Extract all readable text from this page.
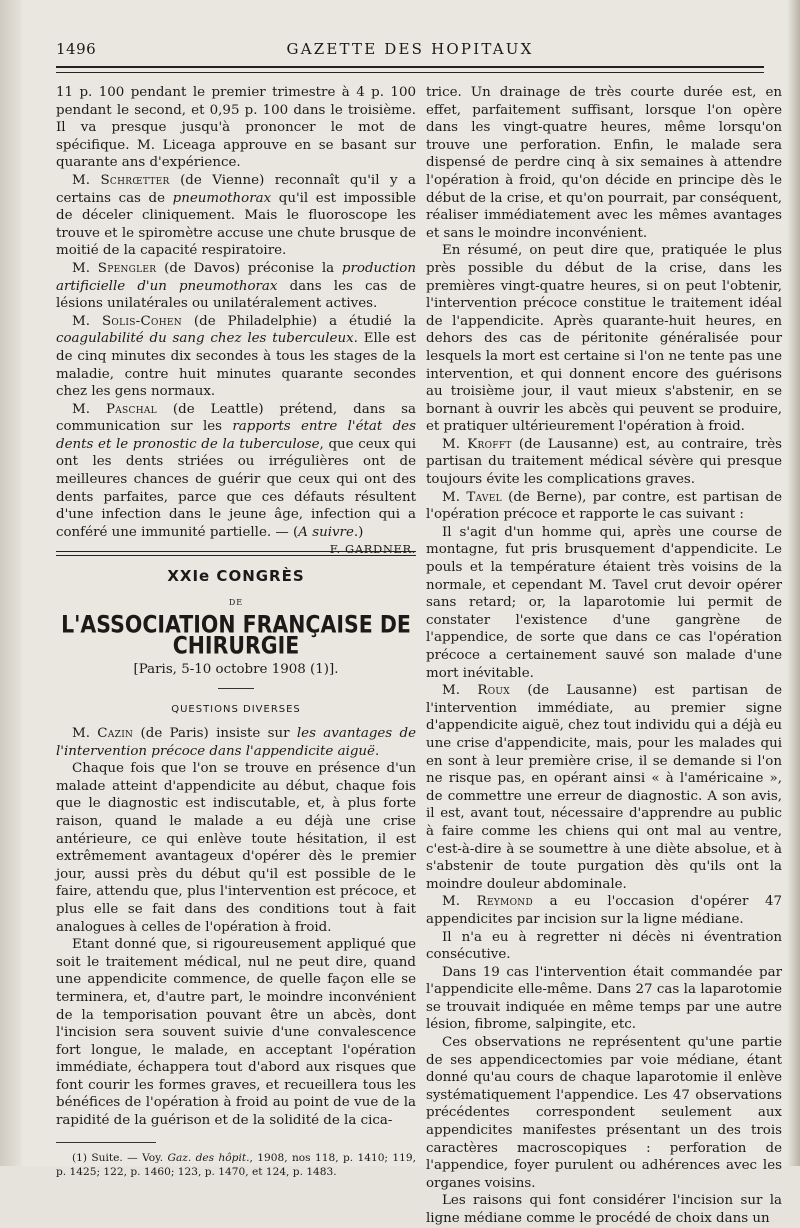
GAZETTE DES HOPITAUX
1496

11 p. 100 pendant le premier trimestre à 4 p. 100 pendant le second, et 0,95 p. 100 dans le troisième. Il va presque jusqu'à prononcer le mot de spécifique. M. Liceaga approuve en se basant sur quarante ans d'expérience.

M. Schrœtter (de Vienne) reconnaît qu'il y a certains cas de pneumothorax qu'il est impossible de déceler cliniquement. Mais le fluoroscope les trouve et le spiromètre accuse une chute brusque de moitié de la capacité respiratoire.

M. Spengler (de Davos) préconise la production artificielle d'un pneumothorax dans les cas de lésions unilatérales ou unilatéralement actives.

M. Solis-Cohen (de Philadelphie) a étudié la coagulabilité du sang chez les tuberculeux. Elle est de cinq minutes dix secondes à tous les stages de la maladie, contre huit minutes quarante secondes chez les gens normaux.

M. Paschal (de Leattle) prétend, dans sa communication sur les rapports entre l'état des dents et le pronostic de la tuberculose, que ceux qui ont les dents striées ou irrégulières ont de meilleures chances de guérir que ceux qui ont des dents parfaites, parce que ces défauts résultent d'une infection dans le jeune âge, infection qui a conféré une immunité partielle. — (A suivre.)
F. GARDNER.

XXIe CONGRÈS
DE
L'ASSOCIATION FRANÇAISE DE CHIRURGIE
[Paris, 5-10 octobre 1908 (1)].
QUESTIONS DIVERSES

M. Cazin (de Paris) insiste sur les avantages de l'intervention précoce dans l'appendicite aiguë.

Chaque fois que l'on se trouve en présence d'un malade atteint d'appendicite au début, chaque fois que le diagnostic est indiscutable, et, à plus forte raison, quand le malade a eu déjà une crise antérieure, ce qui enlève toute hésitation, il est extrêmement avantageux d'opérer dès le premier jour, aussi près du début qu'il est possible de le faire, attendu que, plus l'intervention est précoce, et plus elle se fait dans des conditions tout à fait analogues à celles de l'opération à froid.

Etant donné que, si rigoureusement appliqué que soit le traitement médical, nul ne peut dire, quand une appendicite commence, de quelle façon elle se terminera, et, d'autre part, le moindre inconvénient de la temporisation pouvant être un abcès, dont l'incision sera souvent suivie d'une convalescence fort longue, le malade, en acceptant l'opération immédiate, échappera tout d'abord aux risques que font courir les formes graves, et recueillera tous les bénéfices de l'opération à froid au point de vue de la rapidité de la guérison et de la solidité de la cica-

(1) Suite. — Voy. Gaz. des hôpit., 1908, nos 118, p. 1410; 119, p. 1425; 122, p. 1460; 123, p. 1470, et 124, p. 1483.

trice. Un drainage de très courte durée est, en effet, parfaitement suffisant, lorsque l'on opère dans les vingt-quatre heures, même lorsqu'on trouve une perforation. Enfin, le malade sera dispensé de perdre cinq à six semaines à attendre l'opération à froid, qu'on décide en principe dès le début de la crise, et qu'on pourrait, par conséquent, réaliser immédiatement avec les mêmes avantages et sans le moindre inconvénient.

En résumé, on peut dire que, pratiquée le plus près possible du début de la crise, dans les premières vingt-quatre heures, si on peut l'obtenir, l'intervention précoce constitue le traitement idéal de l'appendicite. Après quarante-huit heures, en dehors des cas de péritonite généralisée pour lesquels la mort est certaine si l'on ne tente pas une intervention, et qui donnent encore des guérisons au troisième jour, il vaut mieux s'abstenir, en se bornant à ouvrir les abcès qui peuvent se produire, et pratiquer ultérieurement l'opération à froid.

M. Krofft (de Lausanne) est, au contraire, très partisan du traitement médical sévère qui presque toujours évite les complications graves.

M. Tavel (de Berne), par contre, est partisan de l'opération précoce et rapporte le cas suivant :

Il s'agit d'un homme qui, après une course de montagne, fut pris brusquement d'appendicite. Le pouls et la température étaient très voisins de la normale, et cependant M. Tavel crut devoir opérer sans retard; or, la laparotomie lui permit de constater l'existence d'une gangrène de l'appendice, de sorte que dans ce cas l'opération précoce a certainement sauvé son malade d'une mort inévitable.

M. Roux (de Lausanne) est partisan de l'intervention immédiate, au premier signe d'appendicite aiguë, chez tout individu qui a déjà eu une crise d'appendicite, mais, pour les malades qui en sont à leur première crise, il se demande si l'on ne risque pas, en opérant ainsi « à l'américaine », de commettre une erreur de diagnostic. A son avis, il est, avant tout, nécessaire d'apprendre au public à faire comme les chiens qui ont mal au ventre, c'est-à-dire à se soumettre à une diète absolue, et à s'abstenir de toute purgation dès qu'ils ont la moindre douleur abdominale.

M. Reymond a eu l'occasion d'opérer 47 appendicites par incision sur la ligne médiane.

Il n'a eu à regretter ni décès ni éventration consécutive.

Dans 19 cas l'intervention était commandée par l'appendicite elle-même. Dans 27 cas la laparotomie se trouvait indiquée en même temps par une autre lésion, fibrome, salpingite, etc.

Ces observations ne représentent qu'une partie de ses appendicectomies par voie médiane, étant donné qu'au cours de chaque laparotomie il enlève systématiquement l'appendice. Les 47 observations précédentes correspondent seulement aux appendicites manifestes présentant un des trois caractères macroscopiques : perforation de l'appendice, foyer purulent ou adhérences avec les organes voisins.

Les raisons qui font considérer l'incision sur la ligne médiane comme le procédé de choix dans un
